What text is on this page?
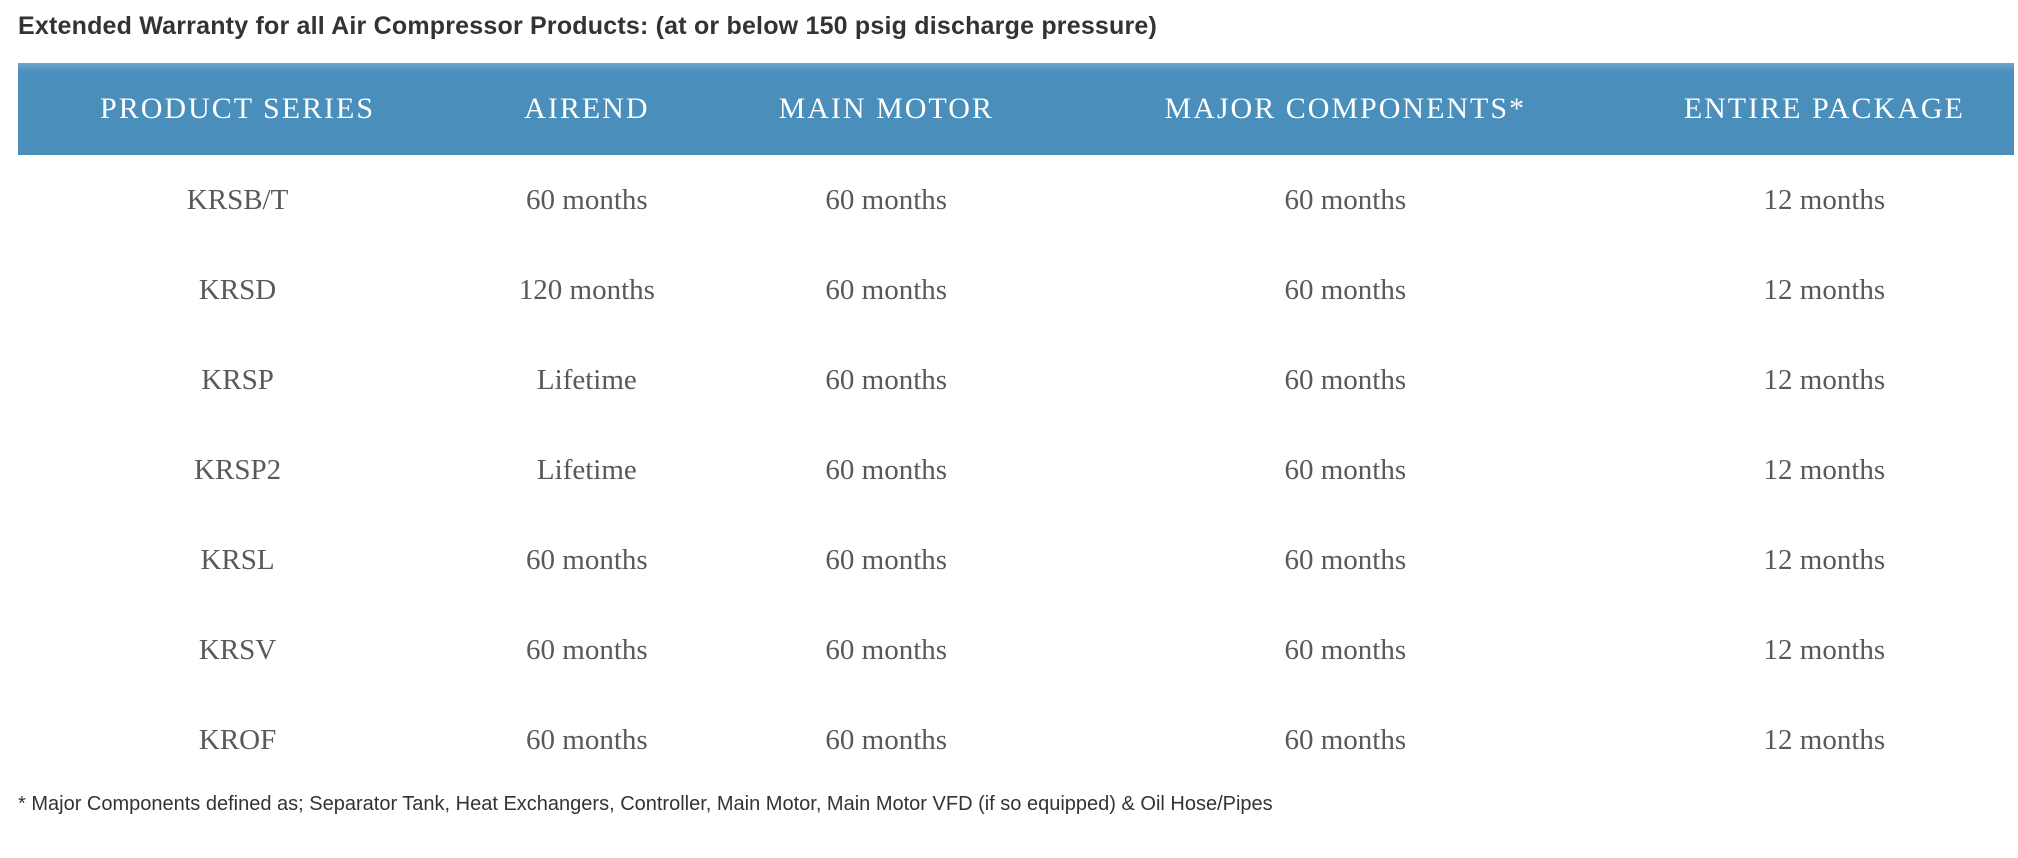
Extended Warranty for all Air Compressor Products: (at or below 150 psig discharge pressure)
PRODUCT SERIES	AIREND	MAIN MOTOR	MAJOR COMPONENTS*	ENTIRE PACKAGE
KRSB/T	60 months	60 months	60 months	12 months
KRSD	120 months	60 months	60 months	12 months
KRSP	Lifetime	60 months	60 months	12 months
KRSP2	Lifetime	60 months	60 months	12 months
KRSL	60 months	60 months	60 months	12 months
KRSV	60 months	60 months	60 months	12 months
KROF	60 months	60 months	60 months	12 months

* Major Components defined as; Separator Tank, Heat Exchangers, Controller, Main Motor, Main Motor VFD (if so equipped) & Oil Hose/Pipes
